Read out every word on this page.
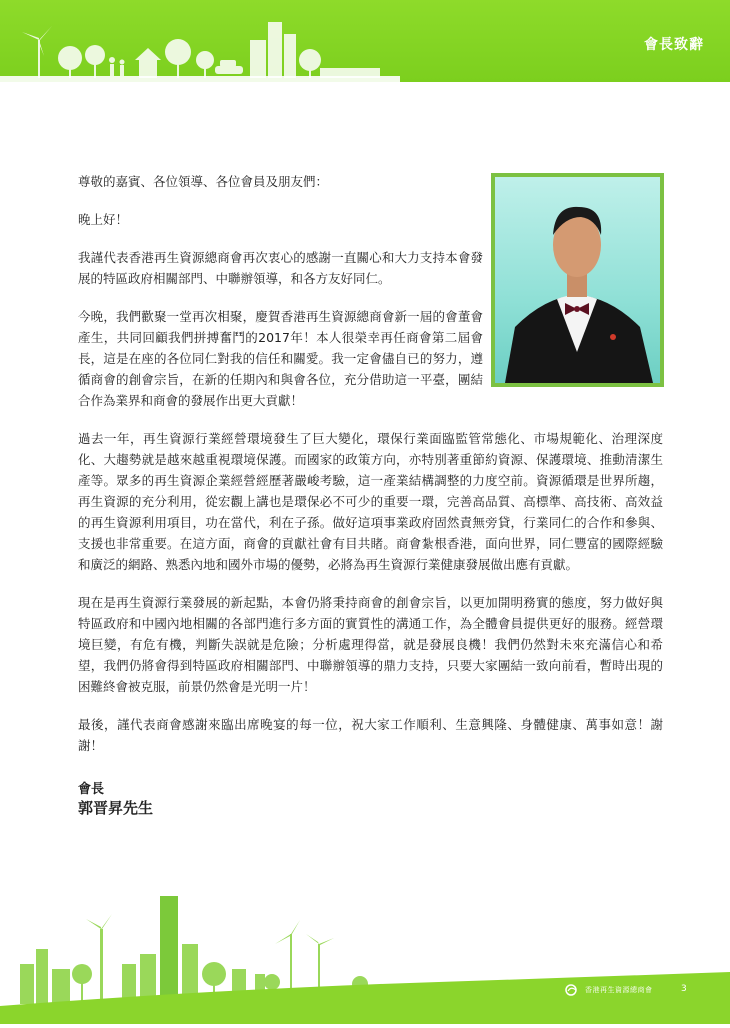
會長致辭

尊敬的嘉賓、各位領導、各位會員及朋友們：

晚上好！

我謹代表香港再生資源總商會再次衷心的感謝一直關心和大力支持本會發展的特區政府相關部門、中聯辦領導，和各方友好同仁。

今晚，我們歡聚一堂再次相聚，慶賀香港再生資源總商會新一屆的會董會產生，共同回顧我們拼搏奮鬥的2017年！本人很榮幸再任商會第二屆會長，這是在座的各位同仁對我的信任和關愛。我一定會儘自已的努力，遵循商會的創會宗旨，在新的任期內和與會各位，充分借助這一平臺，團結合作為業界和商會的發展作出更大貢獻！

過去一年，再生資源行業經營環境發生了巨大變化，環保行業面臨監管常態化、市場規範化、治理深度化、大趨勢就是越來越重視環境保護。而國家的政策方向，亦特別著重節約資源、保護環境、推動清潔生產等。眾多的再生資源企業經營經歷著嚴峻考驗，這一產業結構調整的力度空前。資源循環是世界所趨，再生資源的充分利用，從宏觀上講也是環保必不可少的重要一環，完善高品質、高標準、高技術、高效益的再生資源利用項目，功在當代，利在子孫。做好這項事業政府固然責無旁貸，行業同仁的合作和參與、支援也非常重要。在這方面，商會的貢獻社會有目共睹。商會紮根香港，面向世界，同仁豐富的國際經驗和廣泛的網路、熟悉內地和國外市場的優勢，必將為再生資源行業健康發展做出應有貢獻。

現在是再生資源行業發展的新起點，本會仍將秉持商會的創會宗旨，以更加開明務實的態度，努力做好與特區政府和中國內地相關的各部門進行多方面的實質性的溝通工作，為全體會員提供更好的服務。經營環境巨變，有危有機，判斷失誤就是危險；分析處理得當，就是發展良機！我們仍然對未來充滿信心和希望，我們仍將會得到特區政府相關部門、中聯辦領導的鼎力支持，只要大家團結一致向前看，暫時出現的困難終會被克服，前景仍然會是光明一片！

最後，謹代表商會感謝來臨出席晚宴的每一位，祝大家工作順利、生意興隆、身體健康、萬事如意！謝謝！

會長
郭晋昇先生
香港再生資源總商會	3
